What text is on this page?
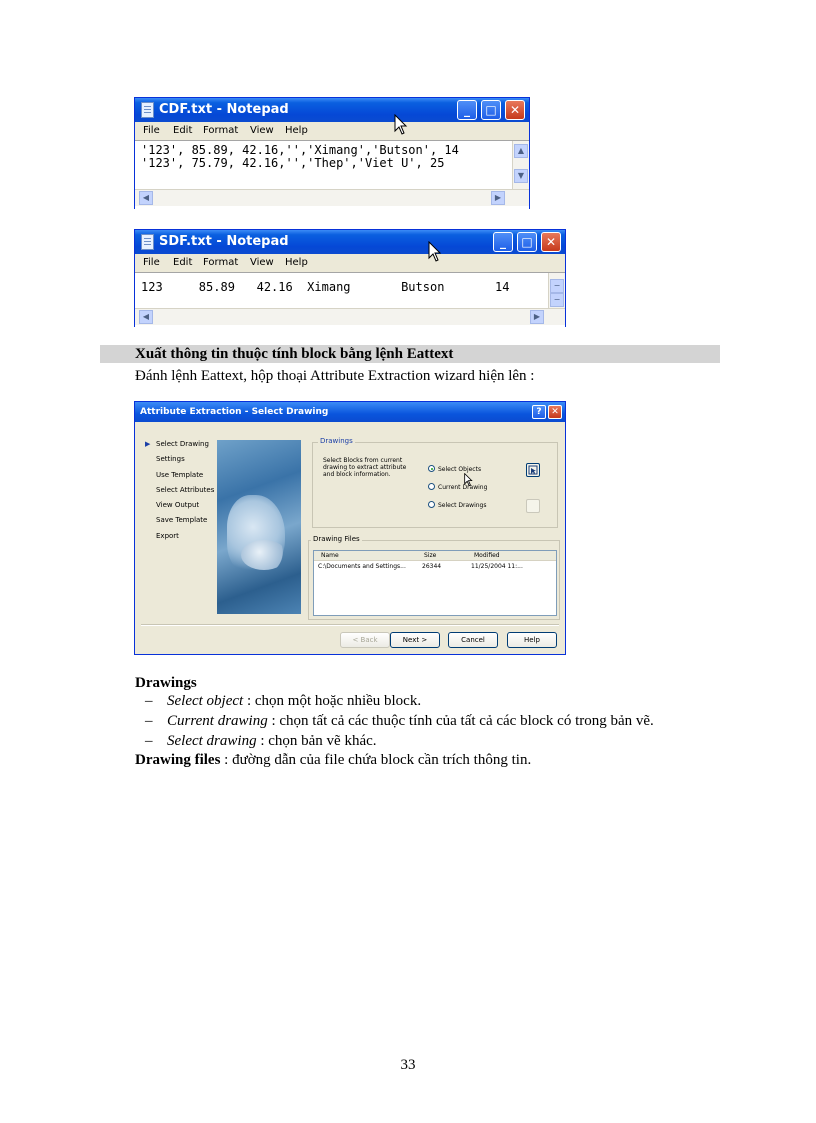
CDF.txt - Notepad	_	□	✕
File Edit Format View Help
'123', 85.89, 42.16,'','Ximang','Butson', 14
'123', 75.79, 42.16,'','Thep','Viet U', 25
▲
▼
◀	▶
SDF.txt - Notepad	_	□	✕
File Edit Format View Help
123     85.89   42.16  Ximang       Butson       14	−
−
◀	▶
Xuất thông tin thuộc tính block bằng lệnh Eattext
Đánh lệnh Eattext, hộp thoại Attribute Extraction wizard hiện lên :
Attribute Extraction - Select Drawing	?	✕
▶ Select Drawing
Settings
Use Template
Select Attributes
View Output
Save Template
Export
Drawings
Select Blocks from current
drawing to extract attribute
and block information.
Select Objects
Current Drawing
Select Drawings
Drawing Files
Name	Size	Modified
C:\Documents and Settings...	26344	11/25/2004 11:...
< Back	Next >	Cancel	Help
Drawings
– Select object : chọn một hoặc nhiều block.
– Current drawing : chọn tất cả các thuộc tính của tất cả các block có trong bản vẽ.
– Select drawing : chọn bản vẽ khác.
Drawing files : đường dẫn của file chứa block cần trích thông tin.
33
